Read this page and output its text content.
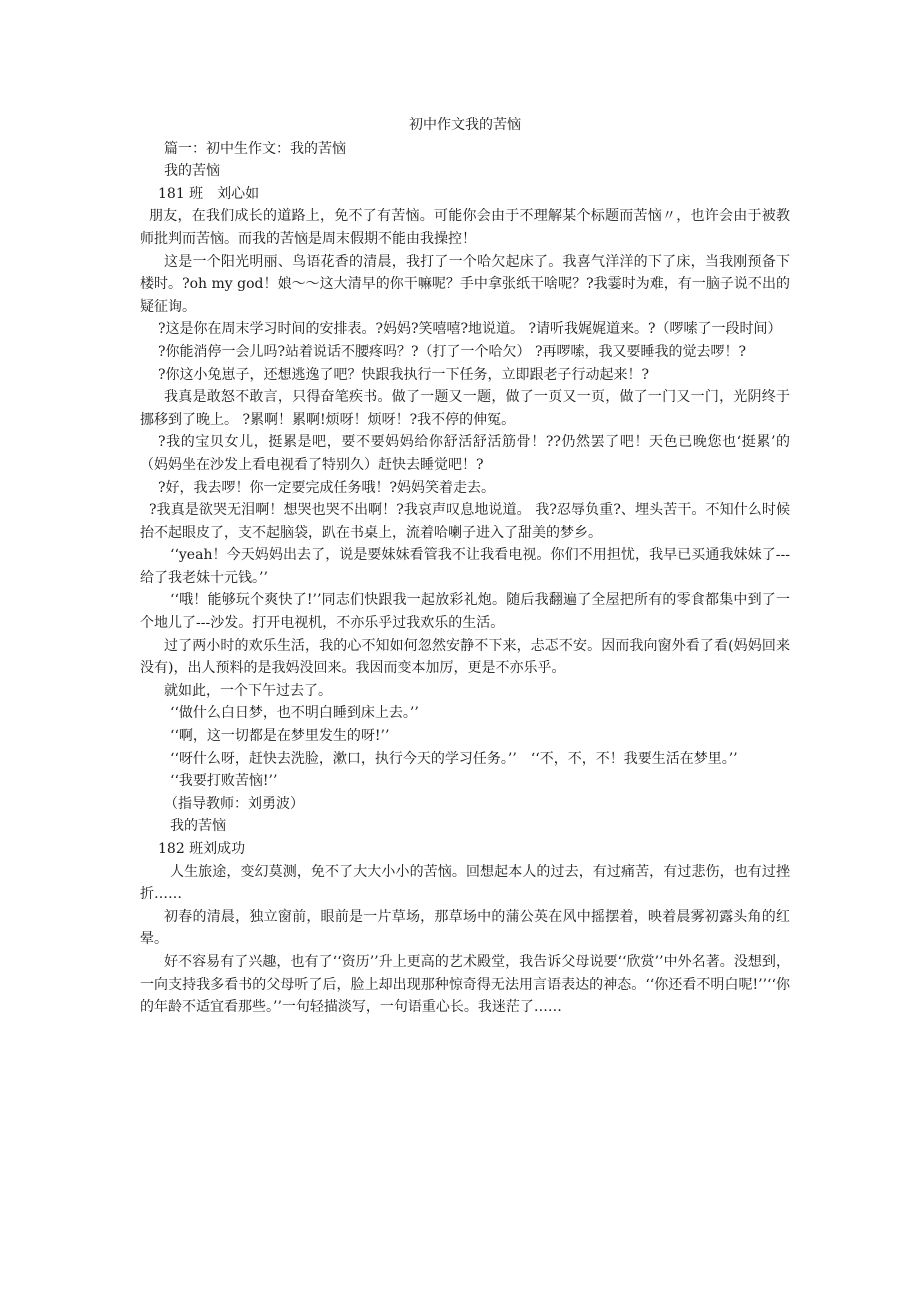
初中作文我的苦恼

篇一：初中生作文：我的苦恼

我的苦恼

181 班　刘心如

朋友，在我们成长的道路上，免不了有苦恼。可能你会由于不理解某个标题而苦恼〃，也许会由于被教师批判而苦恼。而我的苦恼是周末假期不能由我操控！

这是一个阳光明丽、鸟语花香的清晨，我打了一个哈欠起床了。我喜气洋洋的下了床，当我刚预备下楼时。?oh my god！娘～～这大清早的你干嘛呢？手中拿张纸干啥呢？?我霎时为难，有一脑子说不出的疑征询。

?这是你在周末学习时间的安排表。?妈妈?笑嘻嘻?地说道。 ?请听我娓娓道来。?（啰嗦了一段时间）

?你能消停一会儿吗?站着说话不腰疼吗？?（打了一个哈欠） ?再啰嗦，我又要睡我的觉去啰！?

?你这小兔崽子，还想逃逸了吧？快跟我执行一下任务，立即跟老子行动起来！?

我真是敢怒不敢言，只得奋笔疾书。做了一题又一题，做了一页又一页，做了一门又一门，光阴终于挪移到了晚上。 ?累啊！累啊!烦呀！烦呀！?我不停的伸冤。

?我的宝贝女儿，挺累是吧，要不要妈妈给你舒活舒活筋骨！??仍然罢了吧！天色已晚您也‘挺累’的（妈妈坐在沙发上看电视看了特别久）赶快去睡觉吧！?

?好，我去啰！你一定要完成任务哦！?妈妈笑着走去。

?我真是欲哭无泪啊！想哭也哭不出啊！?我哀声叹息地说道。 我?忍辱负重?、埋头苦干。不知什么时候抬不起眼皮了，支不起脑袋，趴在书桌上，流着哈喇子进入了甜美的梦乡。

‘‘yeah！今天妈妈出去了，说是要妹妹看管我不让我看电视。你们不用担忧，我早已买通我妹妹了---给了我老妹十元钱。’’

‘‘哦！能够玩个爽快了!’’同志们快跟我一起放彩礼炮。随后我翻遍了全屋把所有的零食都集中到了一个地儿了---沙发。打开电视机，不亦乐乎过我欢乐的生活。

过了两小时的欢乐生活，我的心不知如何忽然安静不下来，忐忑不安。因而我向窗外看了看(妈妈回来没有)，出人预料的是我妈没回来。我因而变本加厉，更是不亦乐乎。

就如此，一个下午过去了。

‘‘做什么白日梦，也不明白睡到床上去。’’

‘‘啊，这一切都是在梦里发生的呀!’’

‘‘呀什么呀，赶快去洗脸，漱口，执行今天的学习任务。’’　‘‘不，不，不！我要生活在梦里。’’

‘‘我要打败苦恼!’’

（指导教师：刘勇波）

我的苦恼

182 班刘成功

人生旅途，变幻莫测，免不了大大小小的苦恼。回想起本人的过去，有过痛苦，有过悲伤，也有过挫折……

初春的清晨，独立窗前，眼前是一片草场，那草场中的蒲公英在风中摇摆着，映着晨雾初露头角的红晕。

好不容易有了兴趣，也有了‘‘资历’’升上更高的艺术殿堂，我告诉父母说要‘‘欣赏’’中外名著。没想到，一向支持我多看书的父母听了后，脸上却出现那种惊奇得无法用言语表达的神态。‘‘你还看不明白呢!’’‘‘你的年龄不适宜看那些。’’一句轻描淡写，一句语重心长。我迷茫了……
